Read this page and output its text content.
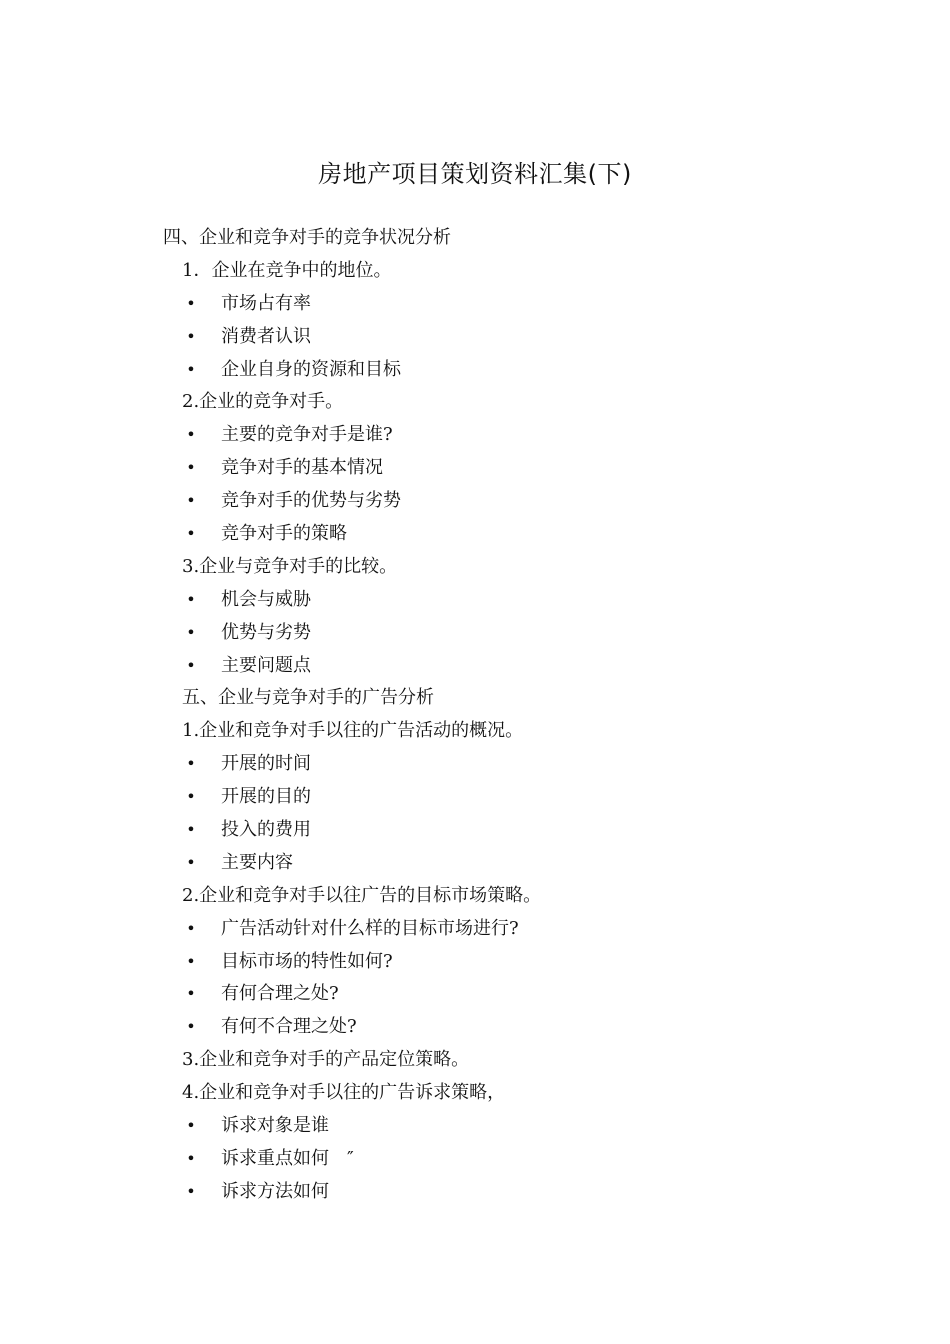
房地产项目策划资料汇集(下)
四、企业和竞争对手的竞争状况分析
1．企业在竞争中的地位。
• 市场占有率
• 消费者认识
• 企业自身的资源和目标
2.企业的竞争对手。
• 主要的竞争对手是谁?
• 竞争对手的基本情况
• 竞争对手的优势与劣势
• 竞争对手的策略
3.企业与竞争对手的比较。
• 机会与威胁
• 优势与劣势
• 主要问题点
五、企业与竞争对手的广告分析
1.企业和竞争对手以往的广告活动的概况。
• 开展的时间
• 开展的目的
• 投入的费用
• 主要内容
2.企业和竞争对手以往广告的目标市场策略。
• 广告活动针对什么样的目标市场进行?
• 目标市场的特性如何?
• 有何合理之处?
• 有何不合理之处?
3.企业和竞争对手的产品定位策略。
4.企业和竞争对手以往的广告诉求策略，
• 诉求对象是谁
• 诉求重点如何　″
• 诉求方法如何
